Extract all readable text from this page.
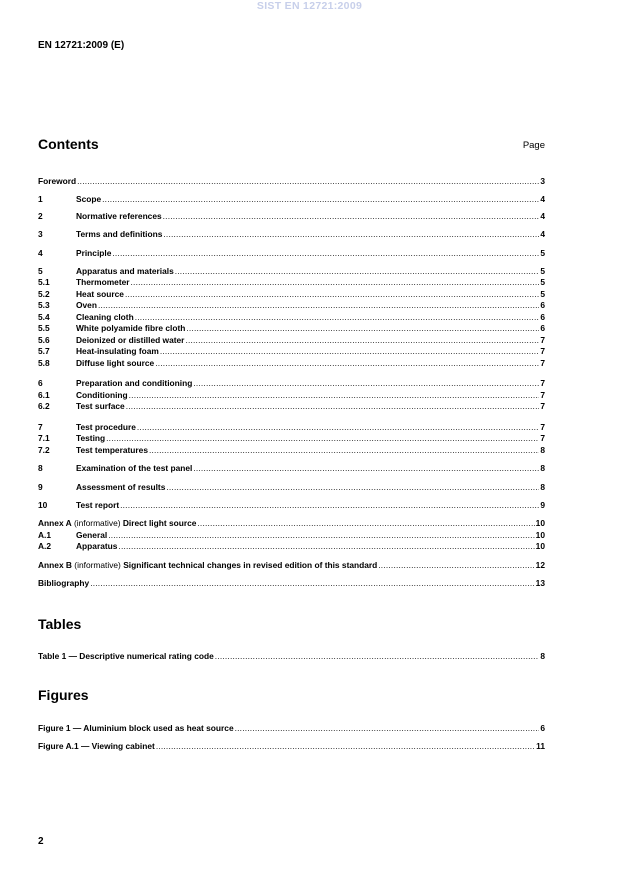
SIST EN 12721:2009
EN 12721:2009 (E)
Contents	Page
Foreword .....	3
1	Scope .....	4
2	Normative references .....	4
3	Terms and definitions .....	4
4	Principle .....	5
5	Apparatus and materials .....	5
5.1	Thermometer .....	5
5.2	Heat source .....	5
5.3	Oven .....	6
5.4	Cleaning cloth .....	6
5.5	White polyamide fibre cloth .....	6
5.6	Deionized or distilled water .....	7
5.7	Heat-insulating foam .....	7
5.8	Diffuse light source .....	7
6	Preparation and conditioning .....	7
6.1	Conditioning .....	7
6.2	Test surface .....	7
7	Test procedure .....	7
7.1	Testing .....	7
7.2	Test temperatures .....	8
8	Examination of the test panel .....	8
9	Assessment of results .....	8
10	Test report .....	9
Annex A (informative) Direct light source .....	10
A.1	General .....	10
A.2	Apparatus .....	10
Annex B (informative) Significant technical changes in revised edition of this standard .....	12
Bibliography .....	13
Tables
Table 1 — Descriptive numerical rating code .....	8
Figures
Figure 1 — Aluminium block used as heat source .....	6
Figure A.1 — Viewing cabinet .....	11
2
